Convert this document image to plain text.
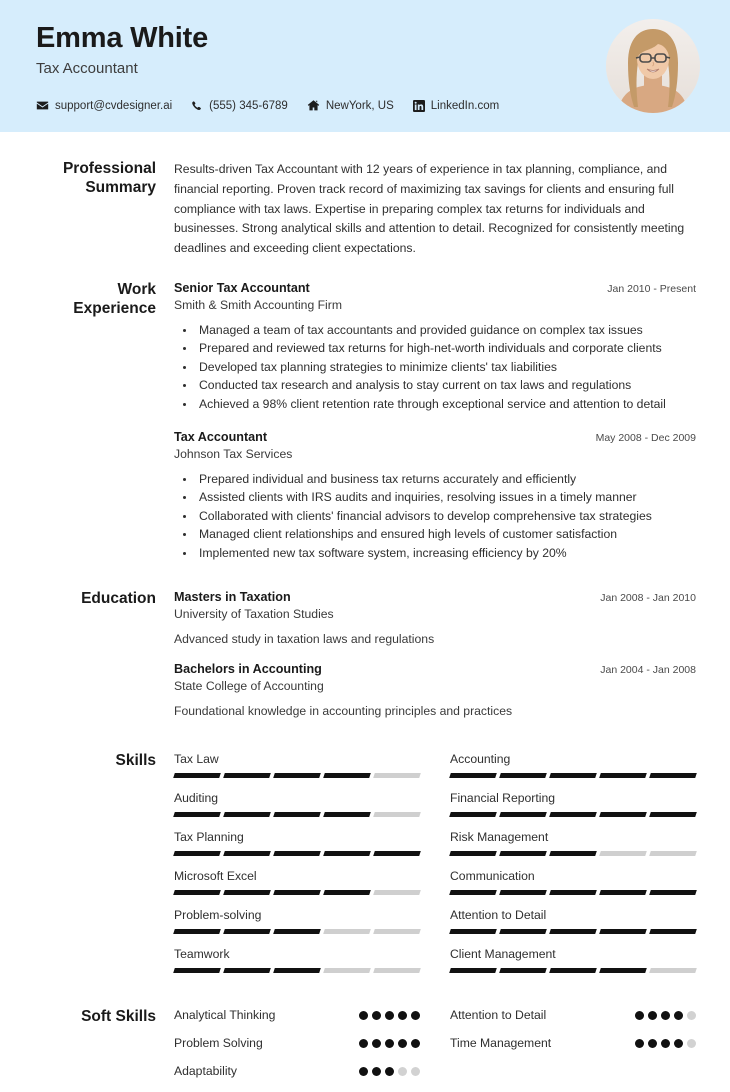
Emma White
Tax Accountant
support@cvdesigner.ai	(555) 345-6789	NewYork, US	LinkedIn.com
Professional Summary
Results-driven Tax Accountant with 12 years of experience in tax planning, compliance, and financial reporting. Proven track record of maximizing tax savings for clients and ensuring full compliance with tax laws. Expertise in preparing complex tax returns for individuals and businesses. Strong analytical skills and attention to detail. Recognized for consistently meeting deadlines and exceeding client expectations.
Work Experience
Senior Tax Accountant	Jan 2010 - Present
Smith & Smith Accounting Firm
• Managed a team of tax accountants and provided guidance on complex tax issues
• Prepared and reviewed tax returns for high-net-worth individuals and corporate clients
• Developed tax planning strategies to minimize clients' tax liabilities
• Conducted tax research and analysis to stay current on tax laws and regulations
• Achieved a 98% client retention rate through exceptional service and attention to detail
Tax Accountant	May 2008 - Dec 2009
Johnson Tax Services
• Prepared individual and business tax returns accurately and efficiently
• Assisted clients with IRS audits and inquiries, resolving issues in a timely manner
• Collaborated with clients' financial advisors to develop comprehensive tax strategies
• Managed client relationships and ensured high levels of customer satisfaction
• Implemented new tax software system, increasing efficiency by 20%
Education	Masters in Taxation	Jan 2008 - Jan 2010
University of Taxation Studies
Advanced study in taxation laws and regulations
Bachelors in Accounting	Jan 2004 - Jan 2008
State College of Accounting
Foundational knowledge in accounting principles and practices
Skills	Tax Law	Accounting
Auditing	Financial Reporting
Tax Planning	Risk Management
Microsoft Excel	Communication
Problem-solving	Attention to Detail
Teamwork	Client Management
Soft Skills	Analytical Thinking	Attention to Detail
Problem Solving	Time Management
Adaptability
